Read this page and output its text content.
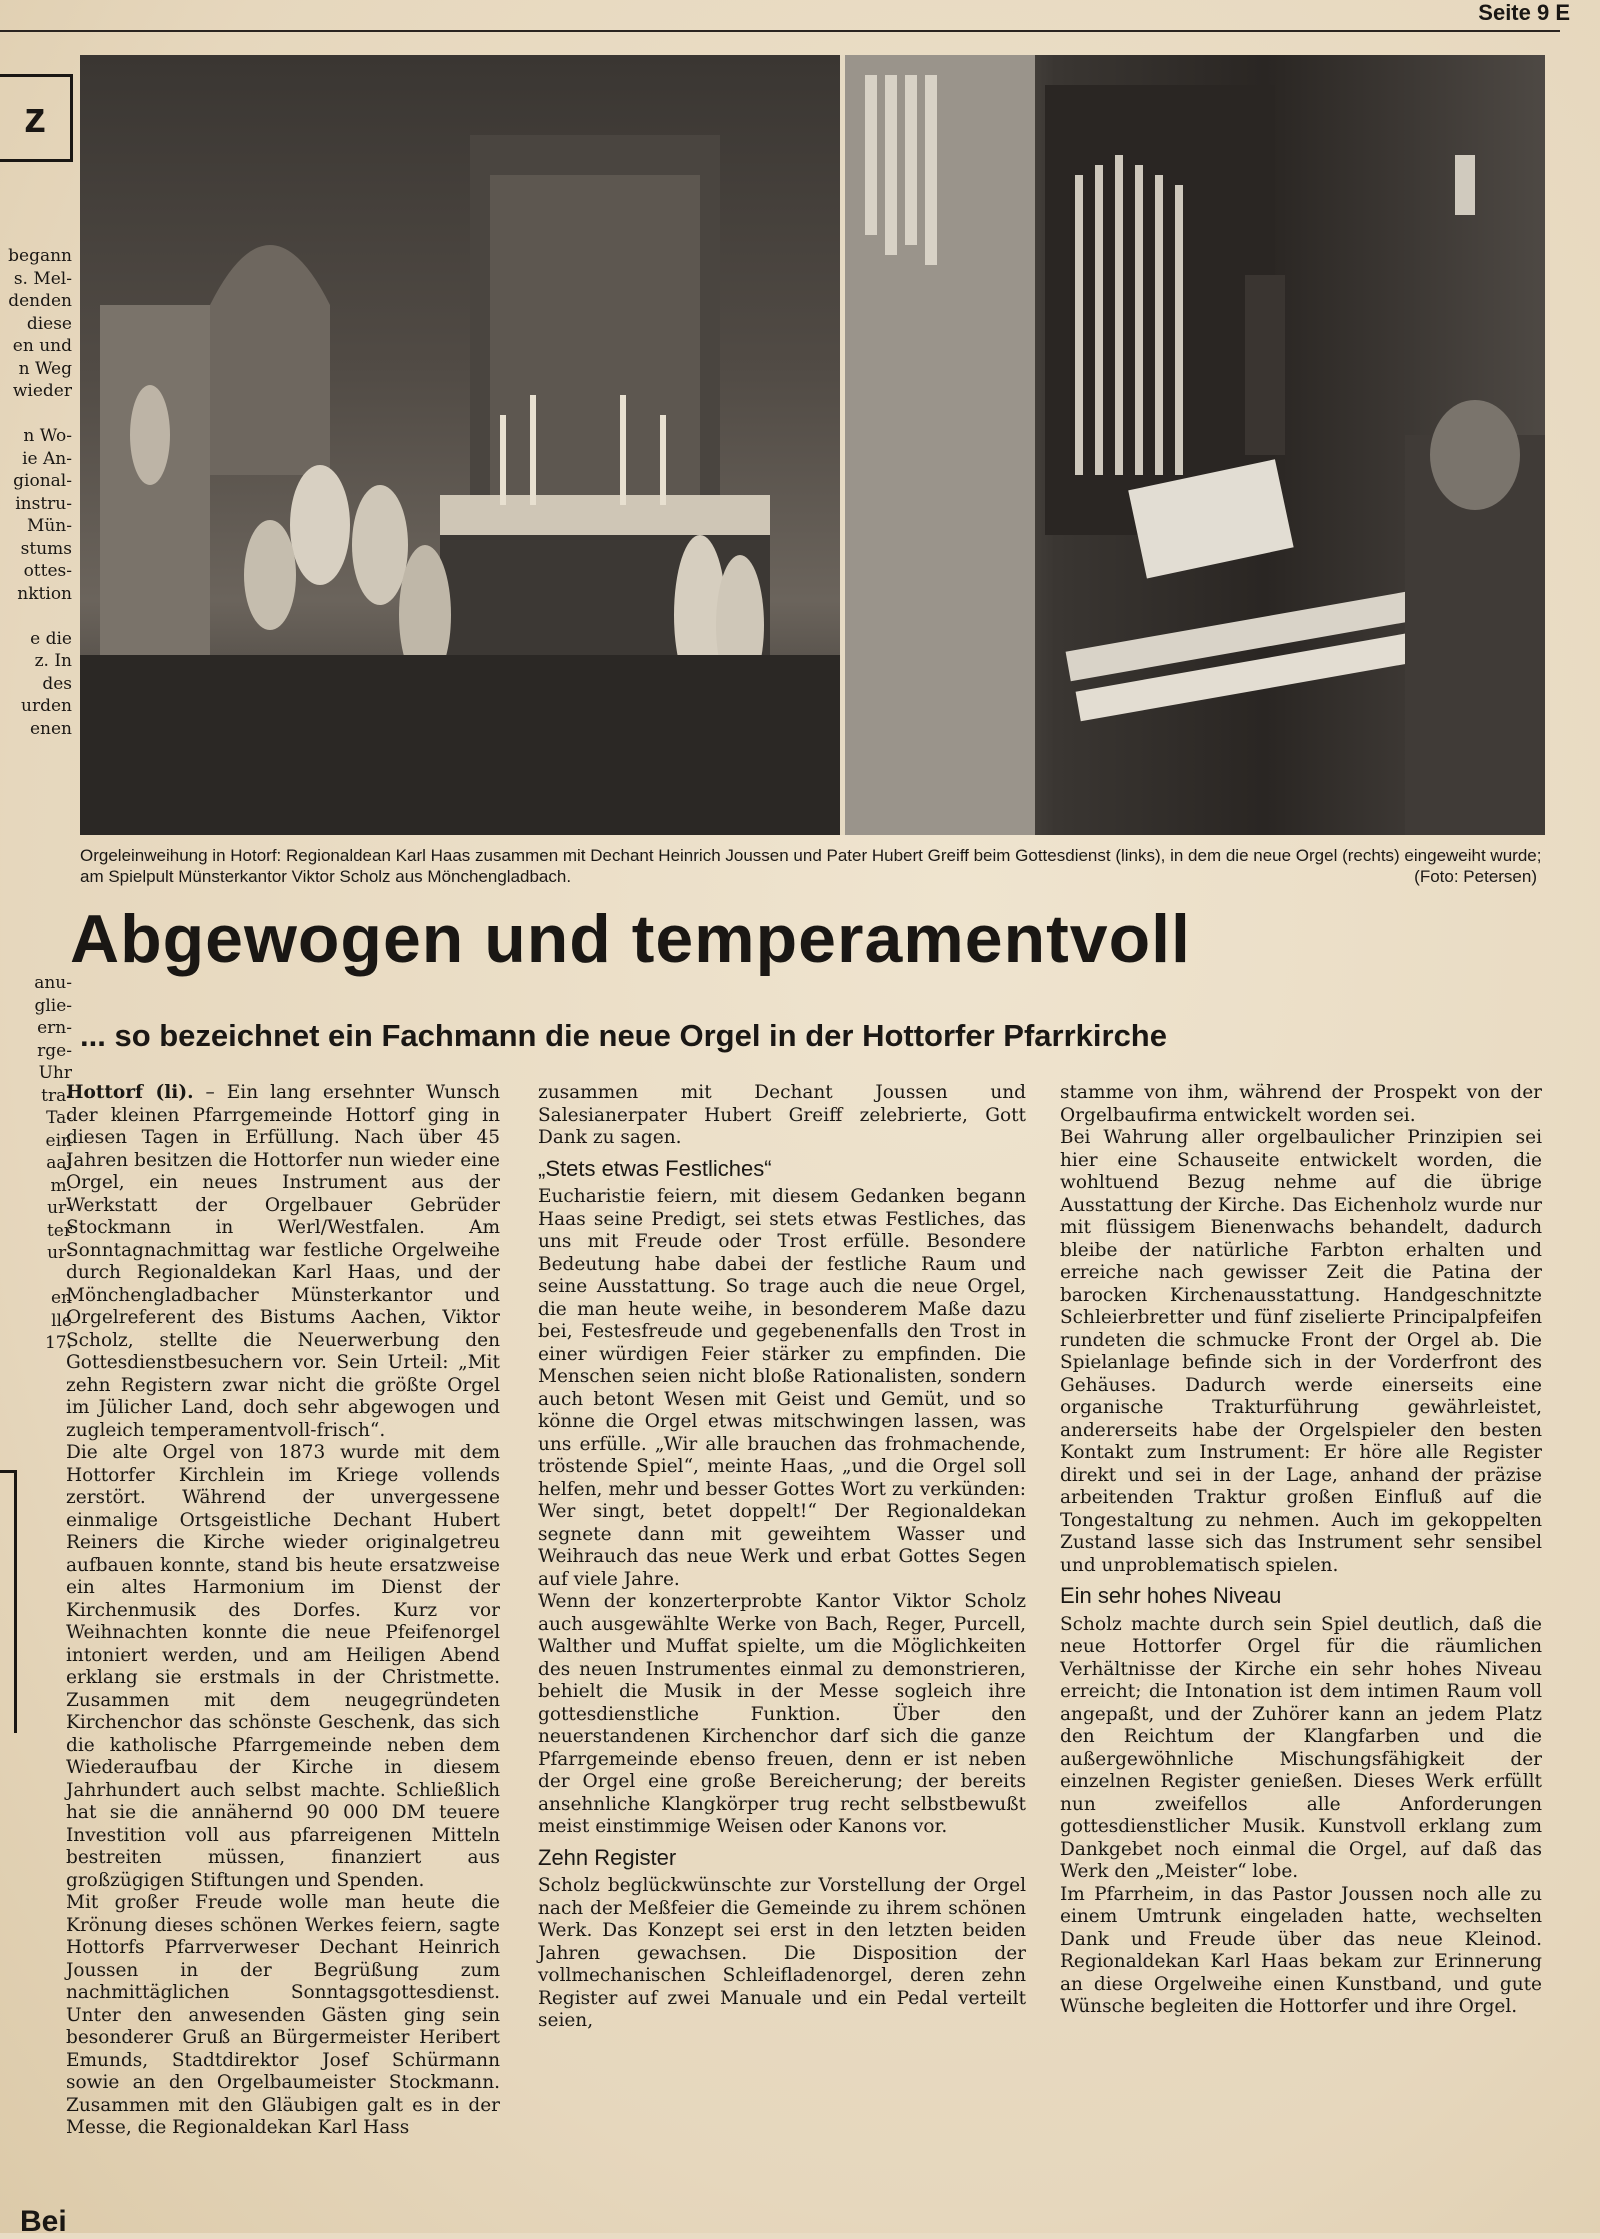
Seite 9 E
z
begann
s. Mel-
denden
diese
en und
n Weg
wieder
n Wo-
ie An-
gional-
instru-
Mün-
stums
ottes-
nktion
e die
z. In
des
urden
enen
anu-
glie-
ern-
rge-
Uhr
tra-
Ta-
ein
aal
m.
ur-
ter
ur-
en
lle
17.
Orgeleinweihung in Hotorf: Regionaldean Karl Haas zusammen mit Dechant Heinrich Joussen und Pater Hubert Greiff beim Gottesdienst (links), in dem die neue Orgel (rechts) eingeweiht wurde; am Spielpult Münsterkantor Viktor Scholz aus Mönchengladbach.	(Foto: Petersen)
Abgewogen und temperamentvoll
... so bezeichnet ein Fachmann die neue Orgel in der Hottorfer Pfarrkirche

Hottorf (li). – Ein lang ersehnter Wunsch der kleinen Pfarrgemeinde Hottorf ging in diesen Tagen in Erfüllung. Nach über 45 Jahren besitzen die Hottorfer nun wieder eine Orgel, ein neues Instrument aus der Werkstatt der Orgelbauer Gebrüder Stockmann in Werl/Westfalen. Am Sonntagnachmittag war festliche Orgelweihe durch Regionaldekan Karl Haas, und der Mönchengladbacher Münsterkantor und Orgelreferent des Bistums Aachen, Viktor Scholz, stellte die Neuerwerbung den Gottesdienstbesuchern vor. Sein Urteil: „Mit zehn Registern zwar nicht die größte Orgel im Jülicher Land, doch sehr abgewogen und zugleich temperamentvoll-frisch“.

Die alte Orgel von 1873 wurde mit dem Hottorfer Kirchlein im Kriege vollends zerstört. Während der unvergessene einmalige Ortsgeistliche Dechant Hubert Reiners die Kirche wieder originalgetreu aufbauen konnte, stand bis heute ersatzweise ein altes Harmonium im Dienst der Kirchenmusik des Dorfes. Kurz vor Weihnachten konnte die neue Pfeifenorgel intoniert werden, und am Heiligen Abend erklang sie erstmals in der Christmette. Zusammen mit dem neugegründeten Kirchenchor das schönste Geschenk, das sich die katholische Pfarrgemeinde neben dem Wiederaufbau der Kirche in diesem Jahrhundert auch selbst machte. Schließlich hat sie die annähernd 90 000 DM teuere Investition voll aus pfarreigenen Mitteln bestreiten müssen, finanziert aus großzügigen Stiftungen und Spenden.

Mit großer Freude wolle man heute die Krönung dieses schönen Werkes feiern, sagte Hottorfs Pfarrverweser Dechant Heinrich Joussen in der Begrüßung zum nachmittäglichen Sonntagsgottesdienst. Unter den anwesenden Gästen ging sein besonderer Gruß an Bürgermeister Heribert Emunds, Stadtdirektor Josef Schürmann sowie an den Orgelbaumeister Stockmann. Zusammen mit den Gläubigen galt es in der Messe, die Regionaldekan Karl Hass

zusammen mit Dechant Joussen und Salesianerpater Hubert Greiff zelebrierte, Gott Dank zu sagen.

„Stets etwas Festliches“

Eucharistie feiern, mit diesem Gedanken begann Haas seine Predigt, sei stets etwas Festliches, das uns mit Freude oder Trost erfülle. Besondere Bedeutung habe dabei der festliche Raum und seine Ausstattung. So trage auch die neue Orgel, die man heute weihe, in besonderem Maße dazu bei, Festesfreude und gegebenenfalls den Trost in einer würdigen Feier stärker zu empfinden. Die Menschen seien nicht bloße Rationalisten, sondern auch betont Wesen mit Geist und Gemüt, und so könne die Orgel etwas mitschwingen lassen, was uns erfülle. „Wir alle brauchen das frohmachende, tröstende Spiel“, meinte Haas, „und die Orgel soll helfen, mehr und besser Gottes Wort zu verkünden: Wer singt, betet doppelt!“ Der Regionaldekan segnete dann mit geweihtem Wasser und Weihrauch das neue Werk und erbat Gottes Segen auf viele Jahre.

Wenn der konzerterprobte Kantor Viktor Scholz auch ausgewählte Werke von Bach, Reger, Purcell, Walther und Muffat spielte, um die Möglichkeiten des neuen Instrumentes einmal zu demonstrieren, behielt die Musik in der Messe sogleich ihre gottesdienstliche Funktion. Über den neuerstandenen Kirchenchor darf sich die ganze Pfarrgemeinde ebenso freuen, denn er ist neben der Orgel eine große Bereicherung; der bereits ansehnliche Klangkörper trug recht selbstbewußt meist einstimmige Weisen oder Kanons vor.

Zehn Register

Scholz beglückwünschte zur Vorstellung der Orgel nach der Meßfeier die Gemeinde zu ihrem schönen Werk. Das Konzept sei erst in den letzten beiden Jahren gewachsen. Die Disposition der vollmechanischen Schleifladenorgel, deren zehn Register auf zwei Manuale und ein Pedal verteilt seien,

stamme von ihm, während der Prospekt von der Orgelbaufirma entwickelt worden sei.

Bei Wahrung aller orgelbaulicher Prinzipien sei hier eine Schauseite entwickelt worden, die wohltuend Bezug nehme auf die übrige Ausstattung der Kirche. Das Eichenholz wurde nur mit flüssigem Bienenwachs behandelt, dadurch bleibe der natürliche Farbton erhalten und erreiche nach gewisser Zeit die Patina der barocken Kirchenausstattung. Handgeschnitzte Schleierbretter und fünf ziselierte Principalpfeifen rundeten die schmucke Front der Orgel ab. Die Spielanlage befinde sich in der Vorderfront des Gehäuses. Dadurch werde einerseits eine organische Trakturführung gewährleistet, andererseits habe der Orgelspieler den besten Kontakt zum Instrument: Er höre alle Register direkt und sei in der Lage, anhand der präzise arbeitenden Traktur großen Einfluß auf die Tongestaltung zu nehmen. Auch im gekoppelten Zustand lasse sich das Instrument sehr sensibel und unproblematisch spielen.

Ein sehr hohes Niveau

Scholz machte durch sein Spiel deutlich, daß die neue Hottorfer Orgel für die räumlichen Verhältnisse der Kirche ein sehr hohes Niveau erreicht; die Intonation ist dem intimen Raum voll angepaßt, und der Zuhörer kann an jedem Platz den Reichtum der Klangfarben und die außergewöhnliche Mischungsfähigkeit der einzelnen Register genießen. Dieses Werk erfüllt nun zweifellos alle Anforderungen gottesdienstlicher Musik. Kunstvoll erklang zum Dankgebet noch einmal die Orgel, auf daß das Werk den „Meister“ lobe.

Im Pfarrheim, in das Pastor Joussen noch alle zu einem Umtrunk eingeladen hatte, wechselten Dank und Freude über das neue Kleinod. Regionaldekan Karl Haas bekam zur Erinnerung an diese Orgelweihe einen Kunstband, und gute Wünsche begleiten die Hottorfer und ihre Orgel.

Bei
